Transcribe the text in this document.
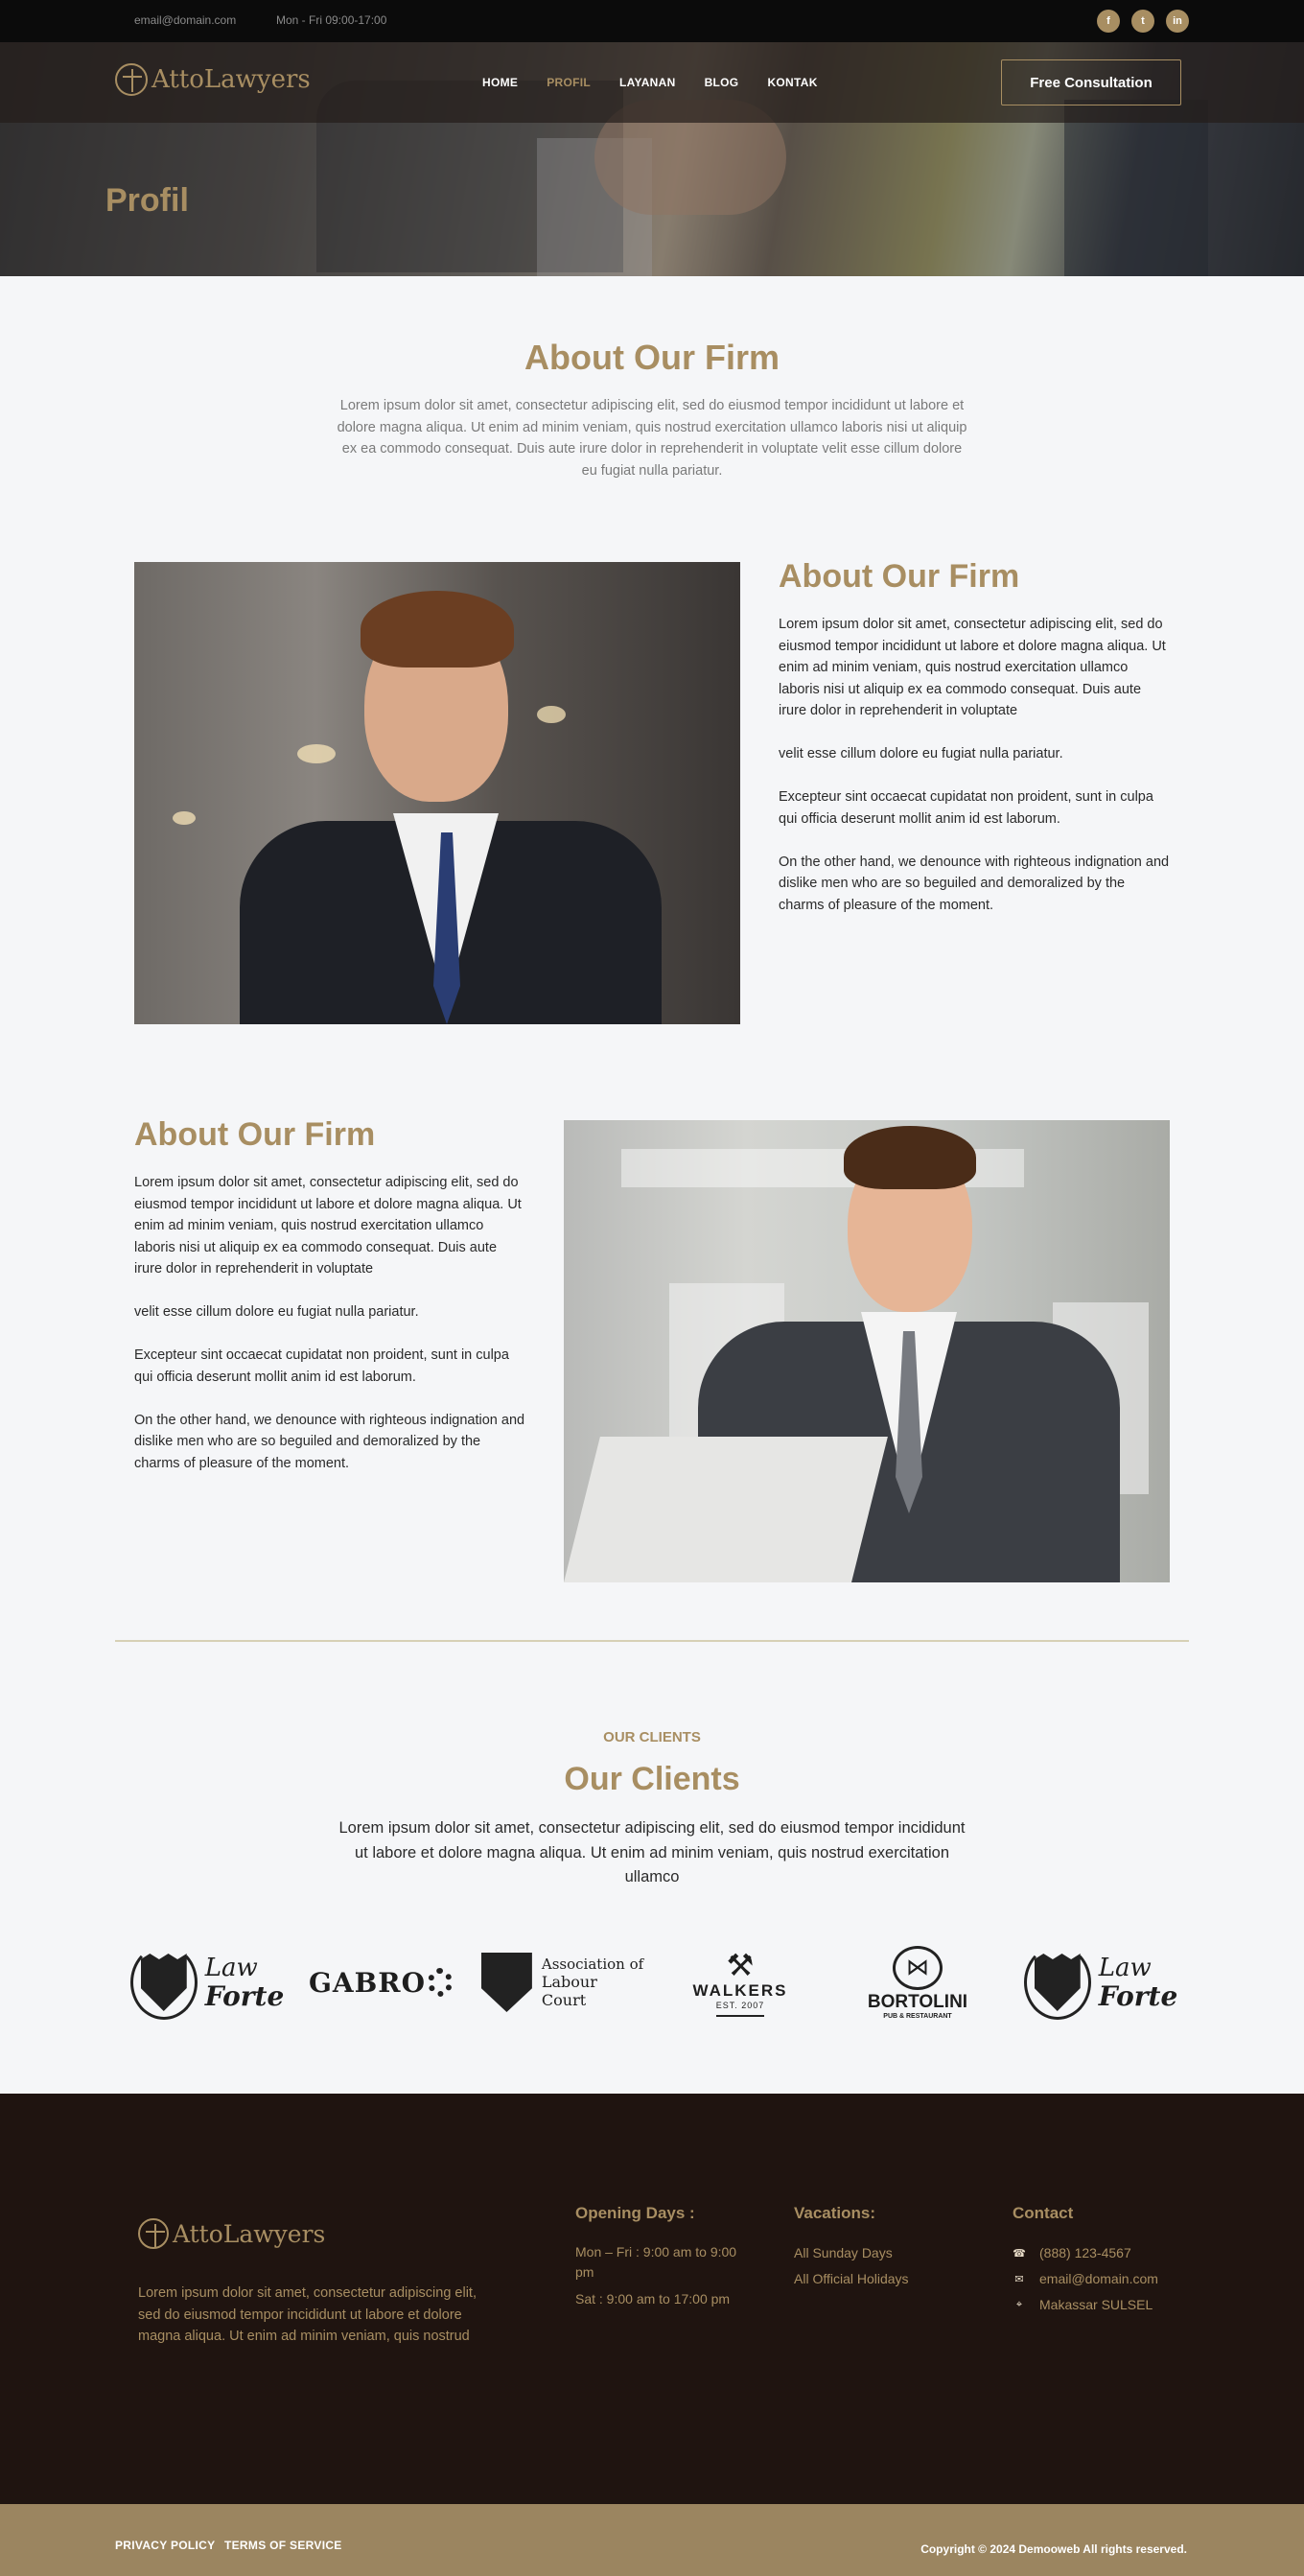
email@domain.com	Mon - Fri 09:00-17:00	f	t	in
AttoLawyers	HOME	PROFIL	LAYANAN	BLOG	KONTAK	Free Consultation
Profil
About Our Firm

Lorem ipsum dolor sit amet, consectetur adipiscing elit, sed do eiusmod tempor incididunt ut labore et dolore magna aliqua. Ut enim ad minim veniam, quis nostrud exercitation ullamco laboris nisi ut aliquip ex ea commodo consequat. Duis aute irure dolor in reprehenderit in voluptate velit esse cillum dolore eu fugiat nulla pariatur.

About Our Firm

Lorem ipsum dolor sit amet, consectetur adipiscing elit, sed do eiusmod tempor incididunt ut labore et dolore magna aliqua. Ut enim ad minim veniam, quis nostrud exercitation ullamco laboris nisi ut aliquip ex ea commodo consequat. Duis aute irure dolor in reprehenderit in voluptate

velit esse cillum dolore eu fugiat nulla pariatur.

Excepteur sint occaecat cupidatat non proident, sunt in culpa qui officia deserunt mollit anim id est laborum.

On the other hand, we denounce with righteous indignation and dislike men who are so beguiled and demoralized by the charms of pleasure of the moment.

About Our Firm

Lorem ipsum dolor sit amet, consectetur adipiscing elit, sed do eiusmod tempor incididunt ut labore et dolore magna aliqua. Ut enim ad minim veniam, quis nostrud exercitation ullamco laboris nisi ut aliquip ex ea commodo consequat. Duis aute irure dolor in reprehenderit in voluptate

velit esse cillum dolore eu fugiat nulla pariatur.

Excepteur sint occaecat cupidatat non proident, sunt in culpa qui officia deserunt mollit anim id est laborum.

On the other hand, we denounce with righteous indignation and dislike men who are so beguiled and demoralized by the charms of pleasure of the moment.

OUR CLIENTS
Our Clients

Lorem ipsum dolor sit amet, consectetur adipiscing elit, sed do eiusmod tempor incididunt ut labore et dolore magna aliqua. Ut enim ad minim veniam, quis nostrud exercitation ullamco

Law
Forte GABRO
Association of
Labour Court
⚒
WALKERS
EST. 2007
⋈
BORTOLINI
PUB & RESTAURANT
Law
Forte
AttoLawyers

Lorem ipsum dolor sit amet, consectetur adipiscing elit, sed do eiusmod tempor incididunt ut labore et dolore magna aliqua. Ut enim ad minim veniam, quis nostrud

Opening Days :

Mon – Fri : 9:00 am to 9:00 pm

Sat : 9:00 am to 17:00 pm

Vacations:
All Sunday Days
All Official Holidays
Contact
☎ (888) 123-4567
✉ email@domain.com
⌖ Makassar SULSEL
PRIVACY POLICY TERMS OF SERVICE	Copyright © 2024 Demooweb All rights reserved.
